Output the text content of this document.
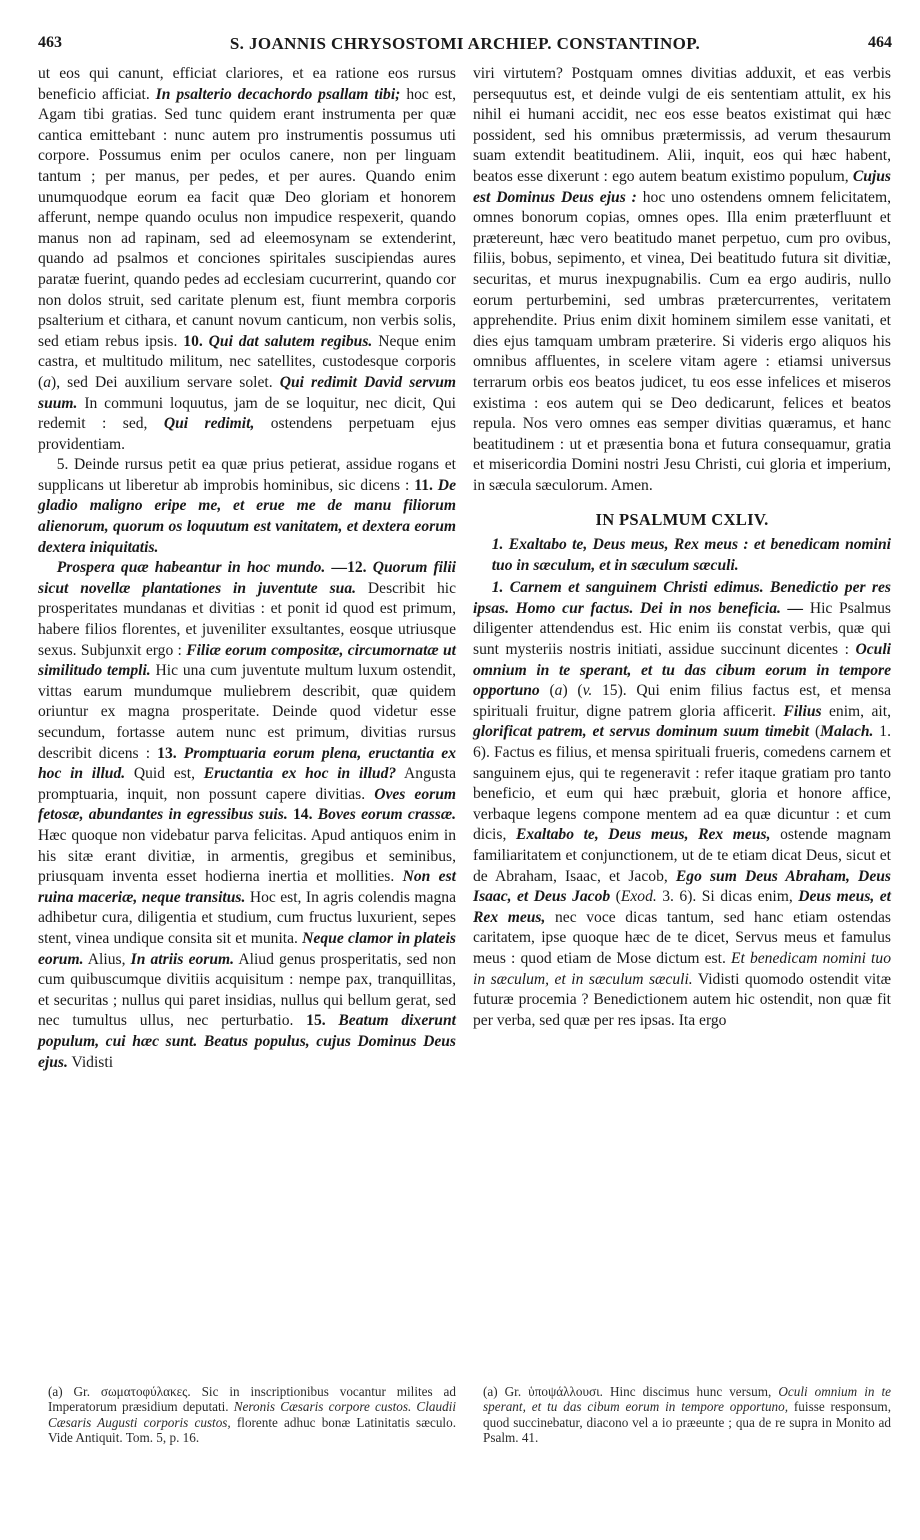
463	S. JOANNIS CHRYSOSTOMI ARCHIEP. CONSTANTINOP.	464

ut eos qui canunt, efficiat clariores, et ea ratione eos rursus beneficio afficiat. In psalterio decachordo psallam tibi; hoc est, Agam tibi gratias. Sed tunc quidem erant instrumenta per quæ cantica emittebant : nunc autem pro instrumentis possumus uti corpore. Possumus enim per oculos canere, non per linguam tantum ; per manus, per pedes, et per aures. Quando enim unumquodque eorum ea facit quæ Deo gloriam et honorem afferunt, nempe quando oculus non impudice respexerit, quando manus non ad rapinam, sed ad eleemosynam se extenderint, quando ad psalmos et conciones spiritales suscipiendas aures paratæ fuerint, quando pedes ad ecclesiam cucurrerint, quando cor non dolos struit, sed caritate plenum est, fiunt membra corporis psalterium et cithara, et canunt novum canticum, non verbis solis, sed etiam rebus ipsis. 10. Qui dat salutem regibus. Neque enim castra, et multitudo militum, nec satellites, custodesque corporis (a), sed Dei auxilium servare solet. Qui redimit David servum suum. In communi loquutus, jam de se loquitur, nec dicit, Qui redemit : sed, Qui redimit, ostendens perpetuam ejus providentiam.

5. Deinde rursus petit ea quæ prius petierat, assidue rogans et supplicans ut liberetur ab improbis hominibus, sic dicens : 11. De gladio maligno eripe me, et erue me de manu filiorum alienorum, quorum os loquutum est vanitatem, et dextera eorum dextera iniquitatis.

Prospera quæ habeantur in hoc mundo. —12. Quorum filii sicut novellæ plantationes in juventute sua. Describit hic prosperitates mundanas et divitias : et ponit id quod est primum, habere filios florentes, et juveniliter exsultantes, eosque utriusque sexus. Subjunxit ergo : Filiæ eorum compositæ, circumornatæ ut similitudo templi. Hic una cum juventute multum luxum ostendit, vittas earum mundumque muliebrem describit, quæ quidem oriuntur ex magna prosperitate. Deinde quod videtur esse secundum, fortasse autem nunc est primum, divitias rursus describit dicens : 13. Promptuaria eorum plena, eructantia ex hoc in illud. Quid est, Eructantia ex hoc in illud? Angusta promptuaria, inquit, non possunt capere divitias. Oves eorum fetosæ, abundantes in egressibus suis. 14. Boves eorum crassæ. Hæc quoque non videbatur parva felicitas. Apud antiquos enim in his sitæ erant divitiæ, in armentis, gregibus et seminibus, priusquam inventa esset hodierna inertia et mollities. Non est ruina maceriæ, neque transitus. Hoc est, In agris colendis magna adhibetur cura, diligentia et studium, cum fructus luxurient, sepes stent, vinea undique consita sit et munita. Neque clamor in plateis eorum. Alius, In atriis eorum. Aliud genus prosperitatis, sed non cum quibuscumque divitiis acquisitum : nempe pax, tranquillitas, et securitas ; nullus qui paret insidias, nullus qui bellum gerat, sed nec tumultus ullus, nec perturbatio. 15. Beatum dixerunt populum, cui hæc sunt. Beatus populus, cujus Dominus Deus ejus. Vidisti

(a) Gr. σωματοφύλακες. Sic in inscriptionibus vocantur milites ad Imperatorum præsidium deputati. Neronis Cæsaris corpore custos. Claudii Cæsaris Augusti corporis custos, florente adhuc bonæ Latinitatis sæculo. Vide Antiquit. Tom. 5, p. 16.

viri virtutem? Postquam omnes divitias adduxit, et eas verbis persequutus est, et deinde vulgi de eis sententiam attulit, ex his nihil ei humani accidit, nec eos esse beatos existimat qui hæc possident, sed his omnibus prætermissis, ad verum thesaurum suam extendit beatitudinem. Alii, inquit, eos qui hæc habent, beatos esse dixerunt : ego autem beatum existimo populum, Cujus est Dominus Deus ejus : hoc uno ostendens omnem felicitatem, omnes bonorum copias, omnes opes. Illa enim præterfluunt et prætereunt, hæc vero beatitudo manet perpetuo, cum pro ovibus, filiis, bobus, sepimento, et vinea, Dei beatitudo futura sit divitiæ, securitas, et murus inexpugnabilis. Cum ea ergo audiris, nullo eorum perturbemini, sed umbras prætercurrentes, veritatem apprehendite. Prius enim dixit hominem similem esse vanitati, et dies ejus tamquam umbram præterire. Si videris ergo aliquos his omnibus affluentes, in scelere vitam agere : etiamsi universus terrarum orbis eos beatos judicet, tu eos esse infelices et miseros existima : eos autem qui se Deo dedicarunt, felices et beatos repula. Nos vero omnes eas semper divitias quæramus, et hanc beatitudinem : ut et præsentia bona et futura consequamur, gratia et misericordia Domini nostri Jesu Christi, cui gloria et imperium, in sæcula sæculorum. Amen.

IN PSALMUM CXLIV.

1. Exaltabo te, Deus meus, Rex meus : et benedicam nomini tuo in sæculum, et in sæculum sæculi.

1. Carnem et sanguinem Christi edimus. Benedictio per res ipsas. Homo cur factus. Dei in nos beneficia. — Hic Psalmus diligenter attendendus est. Hic enim iis constat verbis, quæ qui sunt mysteriis nostris initiati, assidue succinunt dicentes : Oculi omnium in te sperant, et tu das cibum eorum in tempore opportuno (a) (v. 15). Qui enim filius factus est, et mensa spirituali fruitur, digne patrem gloria afficerit. Filius enim, ait, glorificat patrem, et servus dominum suum timebit (Malach. 1. 6). Factus es filius, et mensa spirituali frueris, comedens carnem et sanguinem ejus, qui te regeneravit : refer itaque gratiam pro tanto beneficio, et eum qui hæc præbuit, gloria et honore affice, verbaque legens compone mentem ad ea quæ dicuntur : et cum dicis, Exaltabo te, Deus meus, Rex meus, ostende magnam familiaritatem et conjunctionem, ut de te etiam dicat Deus, sicut et de Abraham, Isaac, et Jacob, Ego sum Deus Abraham, Deus Isaac, et Deus Jacob (Exod. 3. 6). Si dicas enim, Deus meus, et Rex meus, nec voce dicas tantum, sed hanc etiam ostendas caritatem, ipse quoque hæc de te dicet, Servus meus et famulus meus : quod etiam de Mose dictum est. Et benedicam nomini tuo in sæculum, et in sæculum sæculi. Vidisti quomodo ostendit vitæ futuræ procemia ? Benedictionem autem hic ostendit, non quæ fit per verba, sed quæ per res ipsas. Ita ergo

(a) Gr. ὑποψάλλουσι. Hinc discimus hunc versum, Oculi omnium in te sperant, et tu das cibum eorum in tempore opportuno, fuisse responsum, quod succinebatur, diacono vel a io præeunte ; qua de re supra in Monito ad Psalm. 41.
